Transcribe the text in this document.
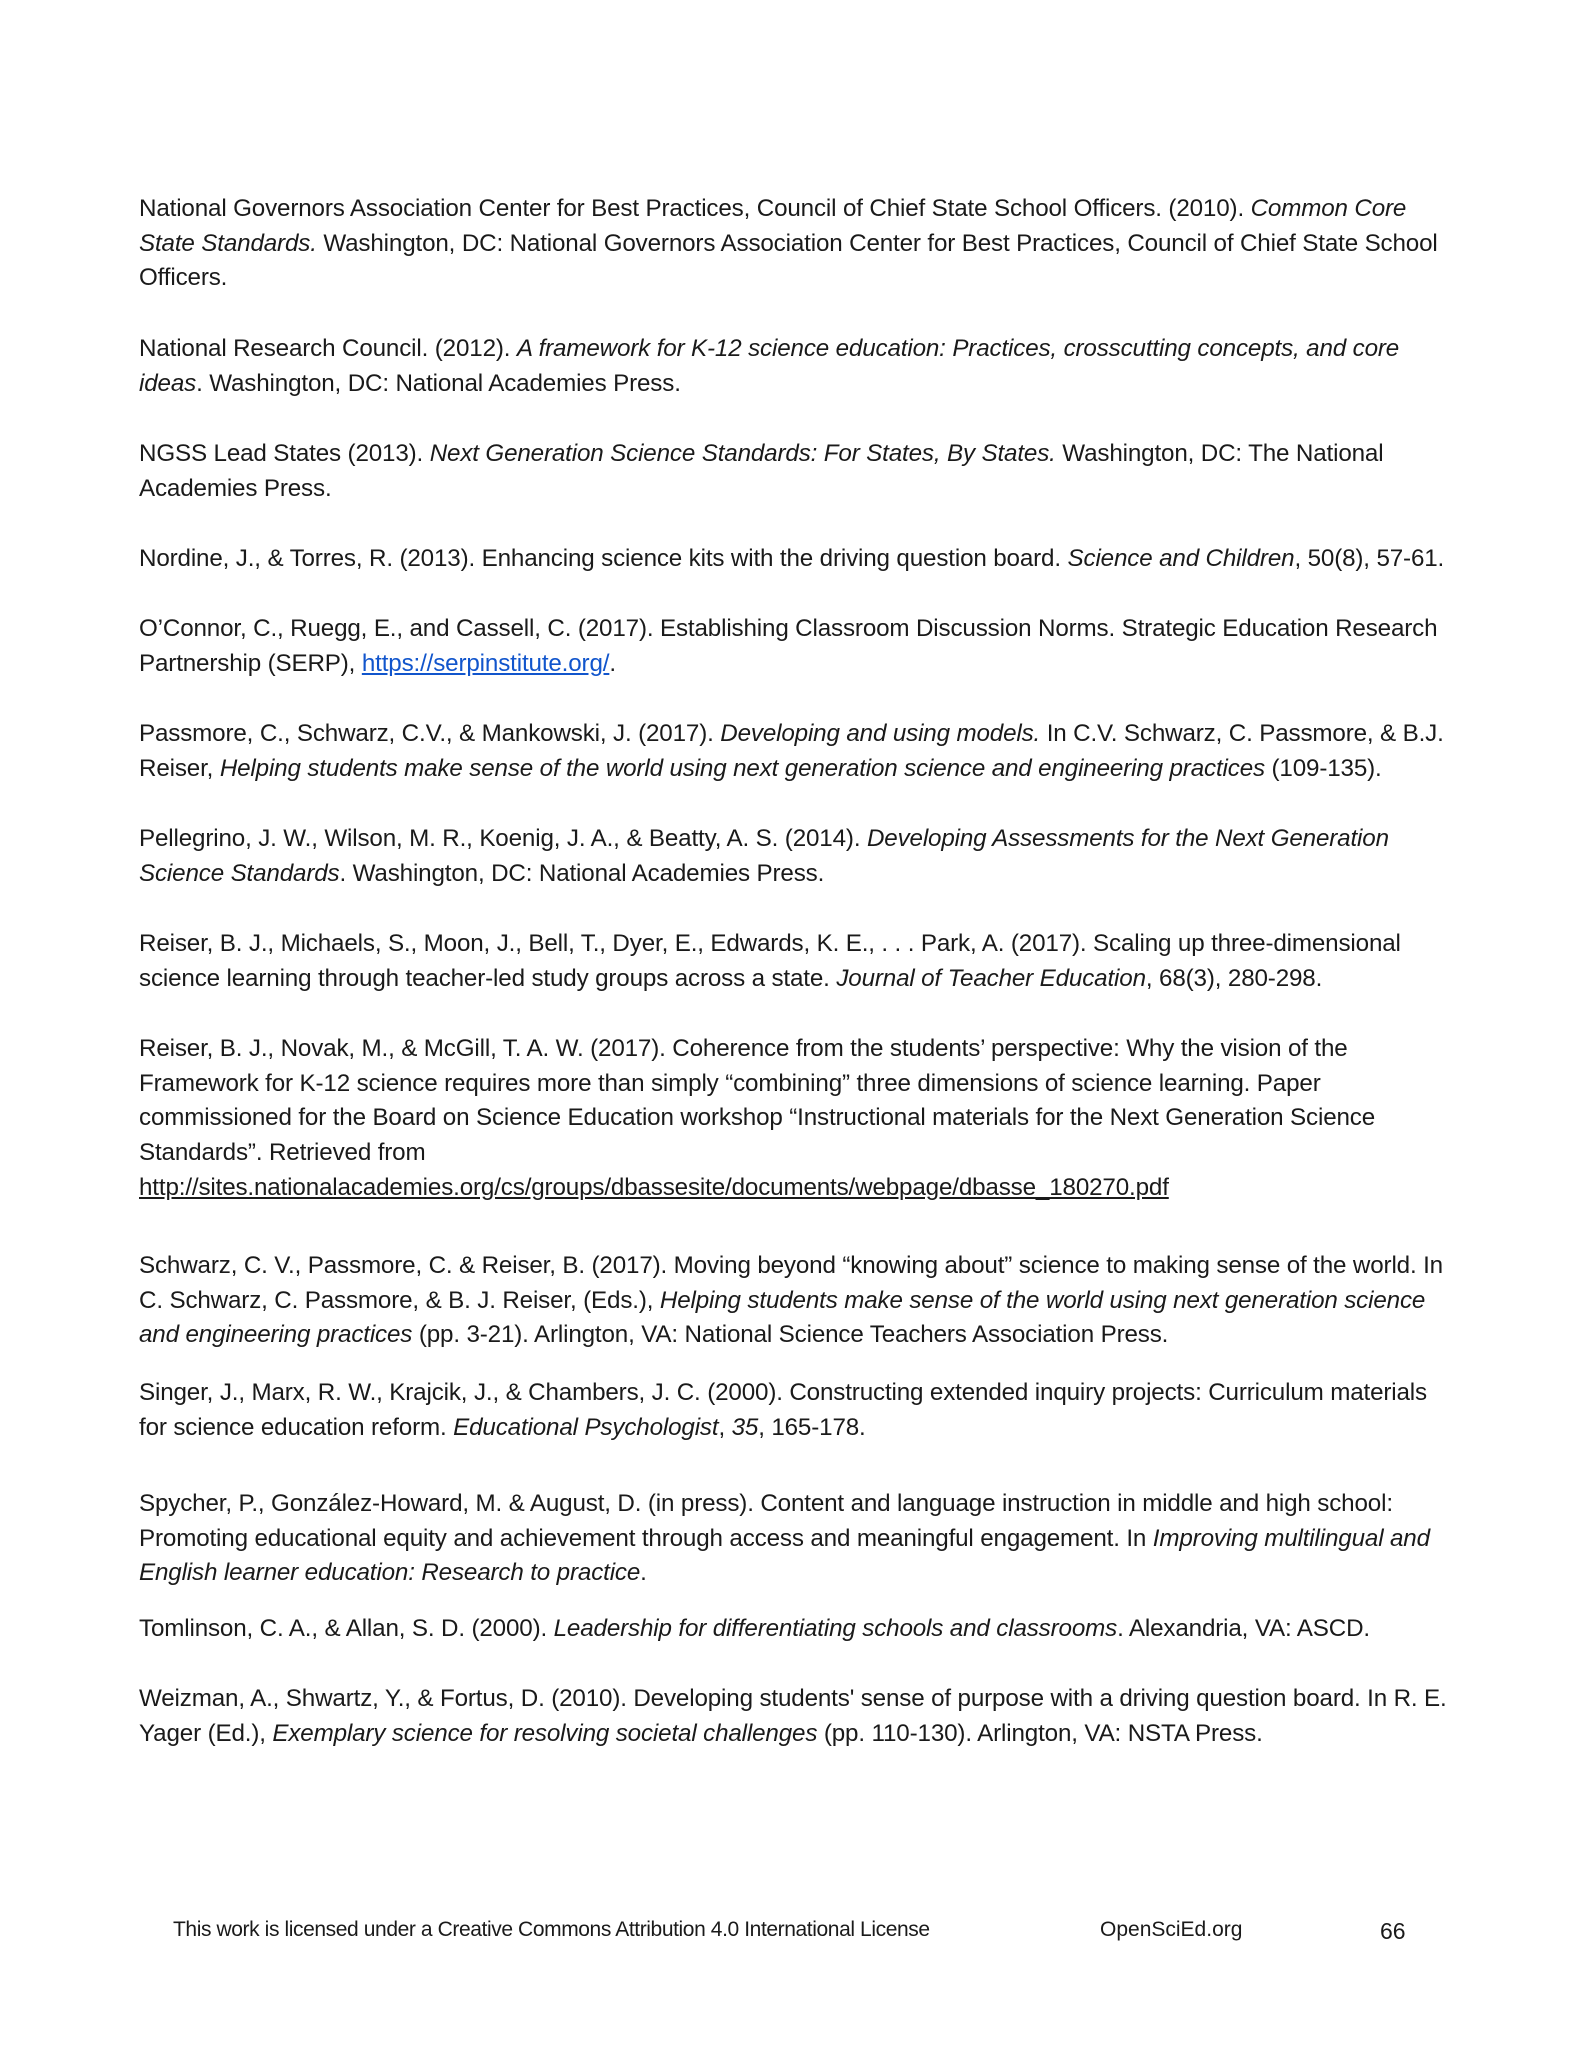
National Governors Association Center for Best Practices, Council of Chief State School Officers. (2010). Common Core State Standards. Washington, DC: National Governors Association Center for Best Practices, Council of Chief State School Officers.

National Research Council. (2012). A framework for K-12 science education: Practices, crosscutting concepts, and core ideas. Washington, DC: National Academies Press.

NGSS Lead States (2013). Next Generation Science Standards: For States, By States. Washington, DC: The National Academies Press.

Nordine, J., & Torres, R. (2013). Enhancing science kits with the driving question board. Science and Children, 50(8), 57-61.

O’Connor, C., Ruegg, E., and Cassell, C. (2017). Establishing Classroom Discussion Norms. Strategic Education Research Partnership (SERP), https://serpinstitute.org/.

Passmore, C., Schwarz, C.V., & Mankowski, J. (2017). Developing and using models. In C.V. Schwarz, C. Passmore, & B.J. Reiser, Helping students make sense of the world using next generation science and engineering practices (109-135).

Pellegrino, J. W., Wilson, M. R., Koenig, J. A., & Beatty, A. S. (2014). Developing Assessments for the Next Generation Science Standards. Washington, DC: National Academies Press.

Reiser, B. J., Michaels, S., Moon, J., Bell, T., Dyer, E., Edwards, K. E., . . . Park, A. (2017). Scaling up three-dimensional science learning through teacher-led study groups across a state. Journal of Teacher Education, 68(3), 280-298.

Reiser, B. J., Novak, M., & McGill, T. A. W. (2017). Coherence from the students’ perspective: Why the vision of the Framework for K-12 science requires more than simply “combining” three dimensions of science learning. Paper commissioned for the Board on Science Education workshop “Instructional materials for the Next Generation Science Standards”. Retrieved from
http://sites.nationalacademies.org/cs/groups/dbassesite/documents/webpage/dbasse_180270.pdf

Schwarz, C. V., Passmore, C. & Reiser, B. (2017). Moving beyond “knowing about” science to making sense of the world. In C. Schwarz, C. Passmore, & B. J. Reiser, (Eds.), Helping students make sense of the world using next generation science and engineering practices (pp. 3-21). Arlington, VA: National Science Teachers Association Press.

Singer, J., Marx, R. W., Krajcik, J., & Chambers, J. C. (2000). Constructing extended inquiry projects: Curriculum materials for science education reform. Educational Psychologist, 35, 165-178.

Spycher, P., González-Howard, M. & August, D. (in press). Content and language instruction in middle and high school: Promoting educational equity and achievement through access and meaningful engagement. In Improving multilingual and English learner education: Research to practice.

Tomlinson, C. A., & Allan, S. D. (2000). Leadership for differentiating schools and classrooms. Alexandria, VA: ASCD.

Weizman, A., Shwartz, Y., & Fortus, D. (2010). Developing students' sense of purpose with a driving question board. In R. E. Yager (Ed.), Exemplary science for resolving societal challenges (pp. 110-130). Arlington, VA: NSTA Press.

This work is licensed under a Creative Commons Attribution 4.0 International License	OpenSciEd.org	66
